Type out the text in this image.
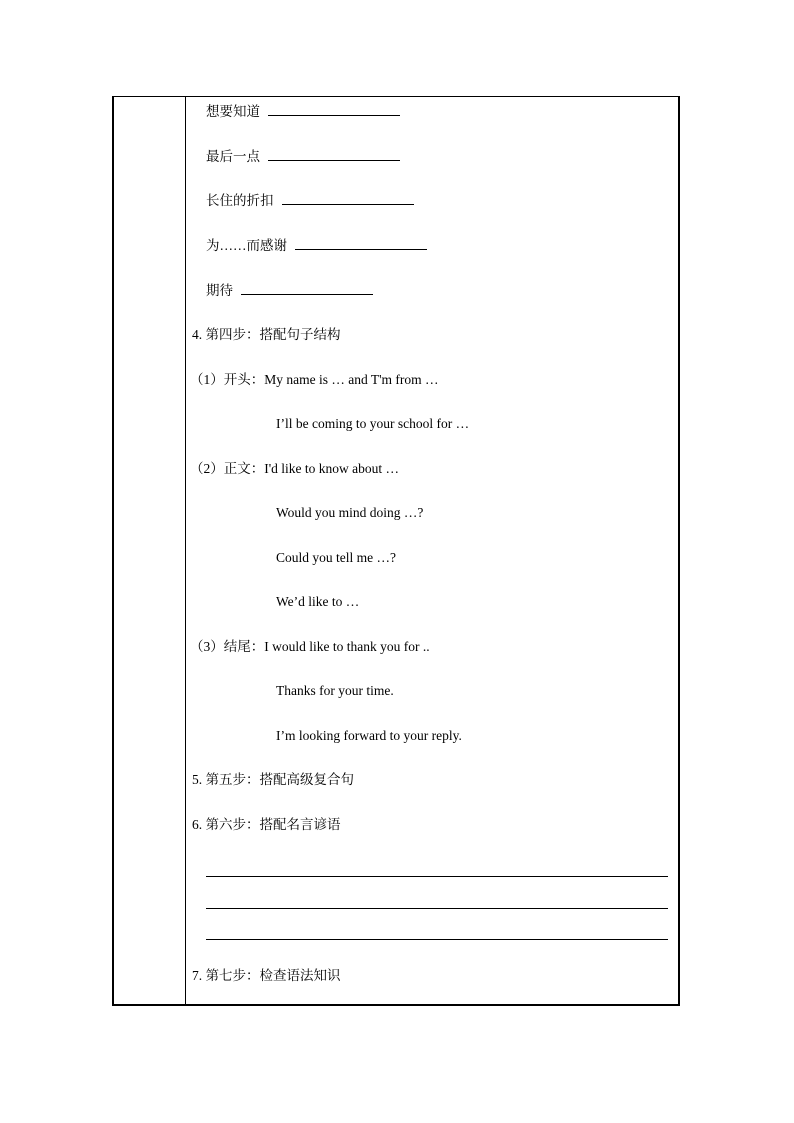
想要知道
最后一点
长住的折扣
为……而感谢
期待
4. 第四步：搭配句子结构
（1）开头：My name is … and T'm from …
I’ll be coming to your school for …
（2）正文：I'd like to know about …
Would you mind doing …?
Could you tell me …?
We’d like to …
（3）结尾：I would like to thank you for ..
Thanks for your time.
I’m looking forward to your reply.
5. 第五步：搭配高级复合句
6. 第六步：搭配名言谚语
7. 第七步：检查语法知识
